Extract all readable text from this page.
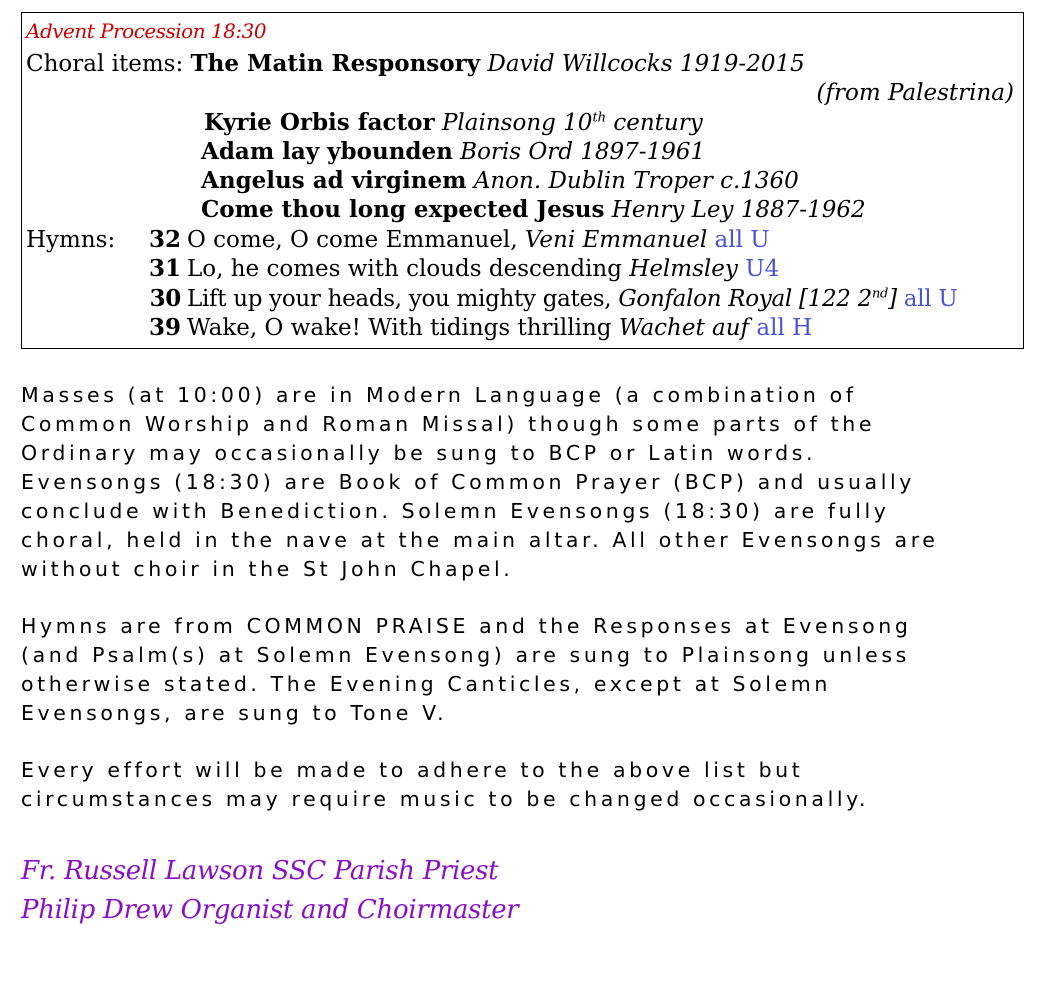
Advent Procession 18:30
Choral items: The Matin Responsory David Willcocks 1919-2015
(from Palestrina)
Kyrie Orbis factor Plainsong 10th century
Adam lay ybounden Boris Ord 1897-1961
Angelus ad virginem Anon. Dublin Troper c.1360
Come thou long expected Jesus Henry Ley 1887-1962
Hymns: 32 O come, O come Emmanuel, Veni Emmanuel all U
31 Lo, he comes with clouds descending Helmsley U4
30 Lift up your heads, you mighty gates, Gonfalon Royal [122 2nd] all U
39 Wake, O wake! With tidings thrilling Wachet auf all H
Masses (at 10:00) are in Modern Language (a combination of
Common Worship and Roman Missal) though some parts of the
Ordinary may occasionally be sung to BCP or Latin words.
Evensongs (18:30) are Book of Common Prayer (BCP) and usually
conclude with Benediction. Solemn Evensongs (18:30) are fully
choral, held in the nave at the main altar. All other Evensongs are
without choir in the St John Chapel.
Hymns are from COMMON PRAISE and the Responses at Evensong
(and Psalm(s) at Solemn Evensong) are sung to Plainsong unless
otherwise stated. The Evening Canticles, except at Solemn
Evensongs, are sung to Tone V.
Every effort will be made to adhere to the above list but
circumstances may require music to be changed occasionally.
Fr. Russell Lawson SSC Parish Priest
Philip Drew Organist and Choirmaster
